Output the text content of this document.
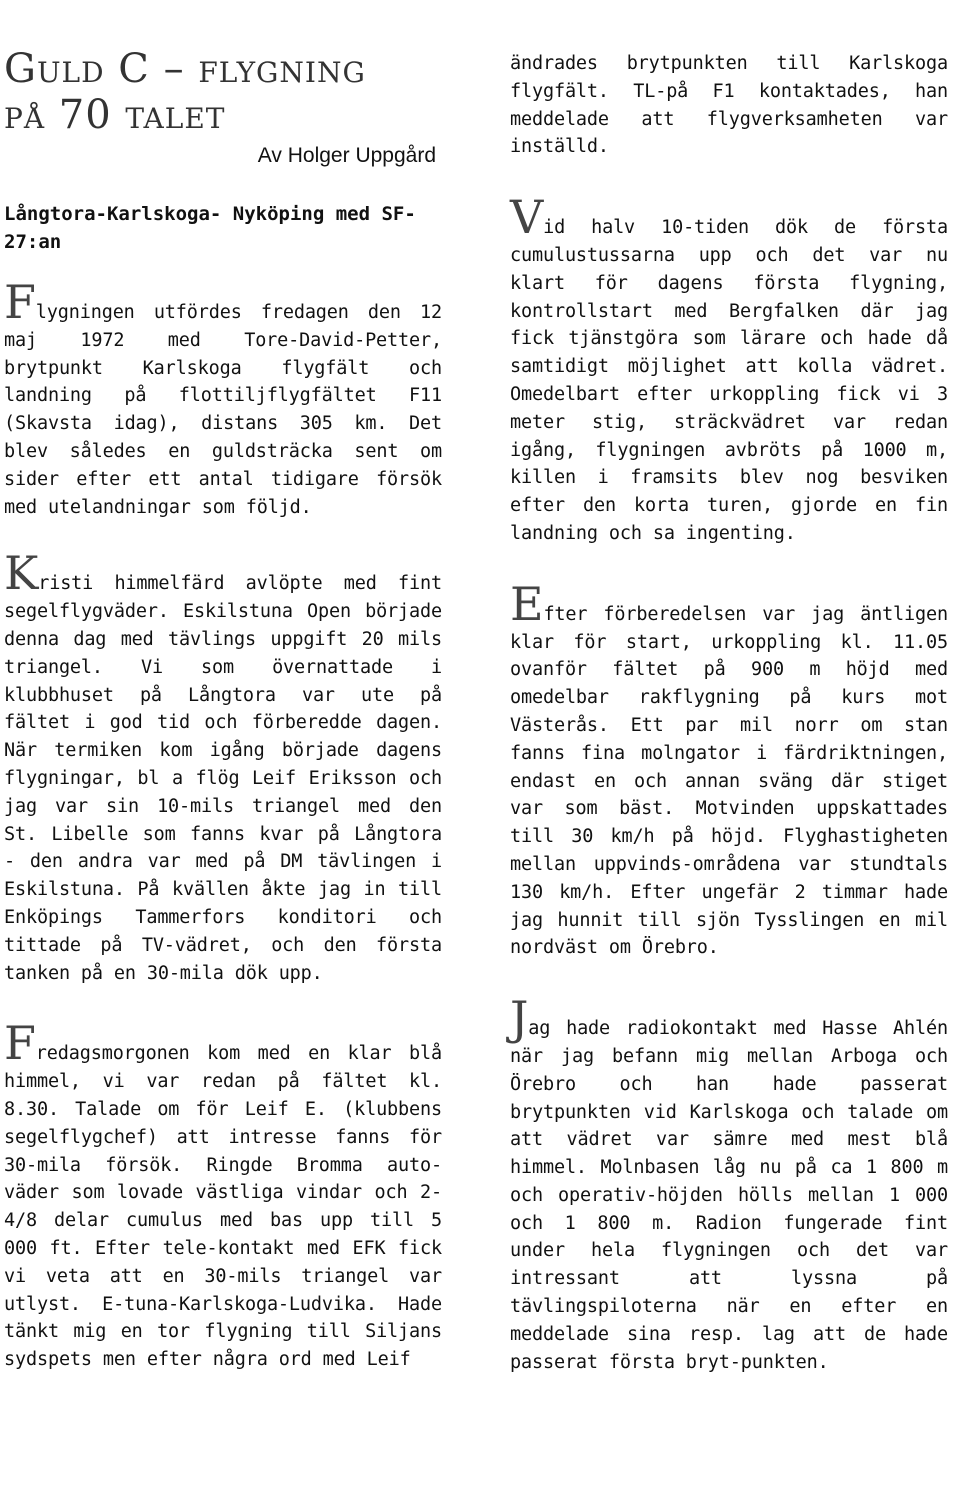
Guld C – flygning
på 70 talet
Av Holger Uppgård
Långtora-Karlskoga- Nyköping med SF-27:an

Flygningen utfördes fredagen den 12 maj 1972 med Tore-David-Petter, brytpunkt Karlskoga flygfält och landning på flottiljflygfältet F11 (Skavsta idag), distans 305 km. Det blev således en guldsträcka sent om sider efter ett antal tidigare försök med utelandningar som följd.

Kristi himmelfärd avlöpte med fint segelflygväder. Eskilstuna Open började denna dag med tävlings uppgift 20 mils triangel. Vi som övernattade i klubbhuset på Långtora var ute på fältet i god tid och förberedde dagen. När termiken kom igång började dagens flygningar, bl a flög Leif Eriksson och jag var sin 10-mils triangel med den St. Libelle som fanns kvar på Långtora - den andra var med på DM tävlingen i Eskilstuna. På kvällen åkte jag in till Enköpings Tammerfors konditori och tittade på TV-vädret, och den första tanken på en 30-mila dök upp.

Fredagsmorgonen kom med en klar blå himmel, vi var redan på fältet kl. 8.30. Talade om för Leif E. (klubbens segelflygchef) att intresse fanns för 30-mila försök. Ringde Bromma auto-väder som lovade västliga vindar och 2-4/8 delar cumulus med bas upp till 5 000 ft. Efter tele-kontakt med EFK fick vi veta att en 30-mils triangel var utlyst. E-tuna-Karlskoga-Ludvika. Hade tänkt mig en tor flygning till Siljans sydspets men efter några ord med Leif

ändrades brytpunkten till Karlskoga flygfält. TL-på F1 kontaktades, han meddelade att flygverksamheten var inställd.

Vid halv 10-tiden dök de första cumulustussarna upp och det var nu klart för dagens första flygning, kontrollstart med Bergfalken där jag fick tjänstgöra som lärare och hade då samtidigt möjlighet att kolla vädret. Omedelbart efter urkoppling fick vi 3 meter stig, sträckvädret var redan igång, flygningen avbröts på 1000 m, killen i framsits blev nog besviken efter den korta turen, gjorde en fin landning och sa ingenting.

Efter förberedelsen var jag äntligen klar för start, urkoppling kl. 11.05 ovanför fältet på 900 m höjd med omedelbar rakflygning på kurs mot Västerås. Ett par mil norr om stan fanns fina molngator i färdriktningen, endast en och annan sväng där stiget var som bäst. Motvinden uppskattades till 30 km/h på höjd. Flyghastigheten mellan uppvinds-områdena var stundtals 130 km/h. Efter ungefär 2 timmar hade jag hunnit till sjön Tysslingen en mil nordväst om Örebro.

Jag hade radiokontakt med Hasse Ahlén när jag befann mig mellan Arboga och Örebro och han hade passerat brytpunkten vid Karlskoga och talade om att vädret var sämre med mest blå himmel. Molnbasen låg nu på ca 1 800 m och operativ-höjden hölls mellan 1 000 och 1 800 m. Radion fungerade fint under hela flygningen och det var intressant att lyssna på tävlingspiloterna när en efter en meddelade sina resp. lag att de hade passerat första bryt-punkten.
